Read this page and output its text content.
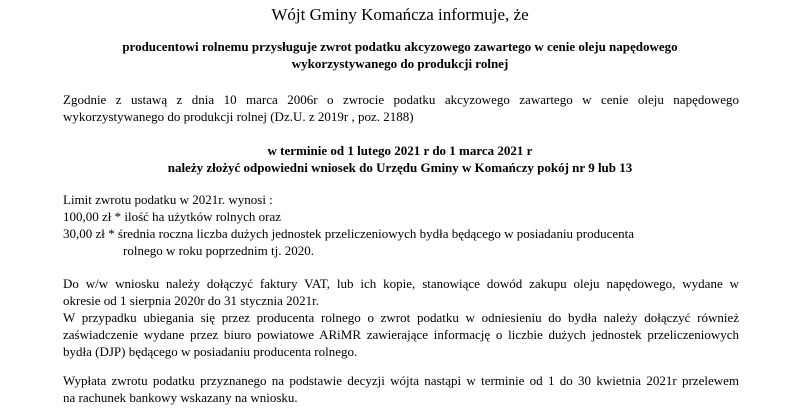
Wójt Gminy Komańcza informuje, że
producentowi rolnemu przysługuje zwrot podatku akcyzowego zawartego w cenie oleju napędowego
wykorzystywanego do produkcji rolnej
Zgodnie z ustawą z dnia 10 marca 2006r o zwrocie podatku akcyzowego zawartego w cenie oleju napędowego
wykorzystywanego do produkcji rolnej (Dz.U. z 2019r , poz. 2188)
w terminie od 1 lutego 2021 r do 1 marca 2021 r
należy złożyć odpowiedni wniosek do Urzędu Gminy w Komańczy pokój nr 9 lub 13
Limit zwrotu podatku w 2021r. wynosi :
100,00 zł * ilość ha użytków rolnych oraz
30,00 zł * średnia roczna liczba dużych jednostek przeliczeniowych bydła będącego w posiadaniu producenta
rolnego w roku poprzednim tj. 2020.
Do w/w wniosku należy dołączyć faktury VAT, lub ich kopie, stanowiące dowód zakupu oleju napędowego, wydane w
okresie od 1 sierpnia 2020r do 31 stycznia 2021r.
W przypadku ubiegania się przez producenta rolnego o zwrot podatku w odniesieniu do bydła należy dołączyć również
zaświadczenie wydane przez biuro powiatowe ARiMR zawierające informację o liczbie dużych jednostek przeliczeniowych
bydła (DJP) będącego w posiadaniu producenta rolnego.
Wypłata zwrotu podatku przyznanego na podstawie decyzji wójta nastąpi w terminie od 1 do 30 kwietnia 2021r przelewem
na rachunek bankowy wskazany na wniosku.
